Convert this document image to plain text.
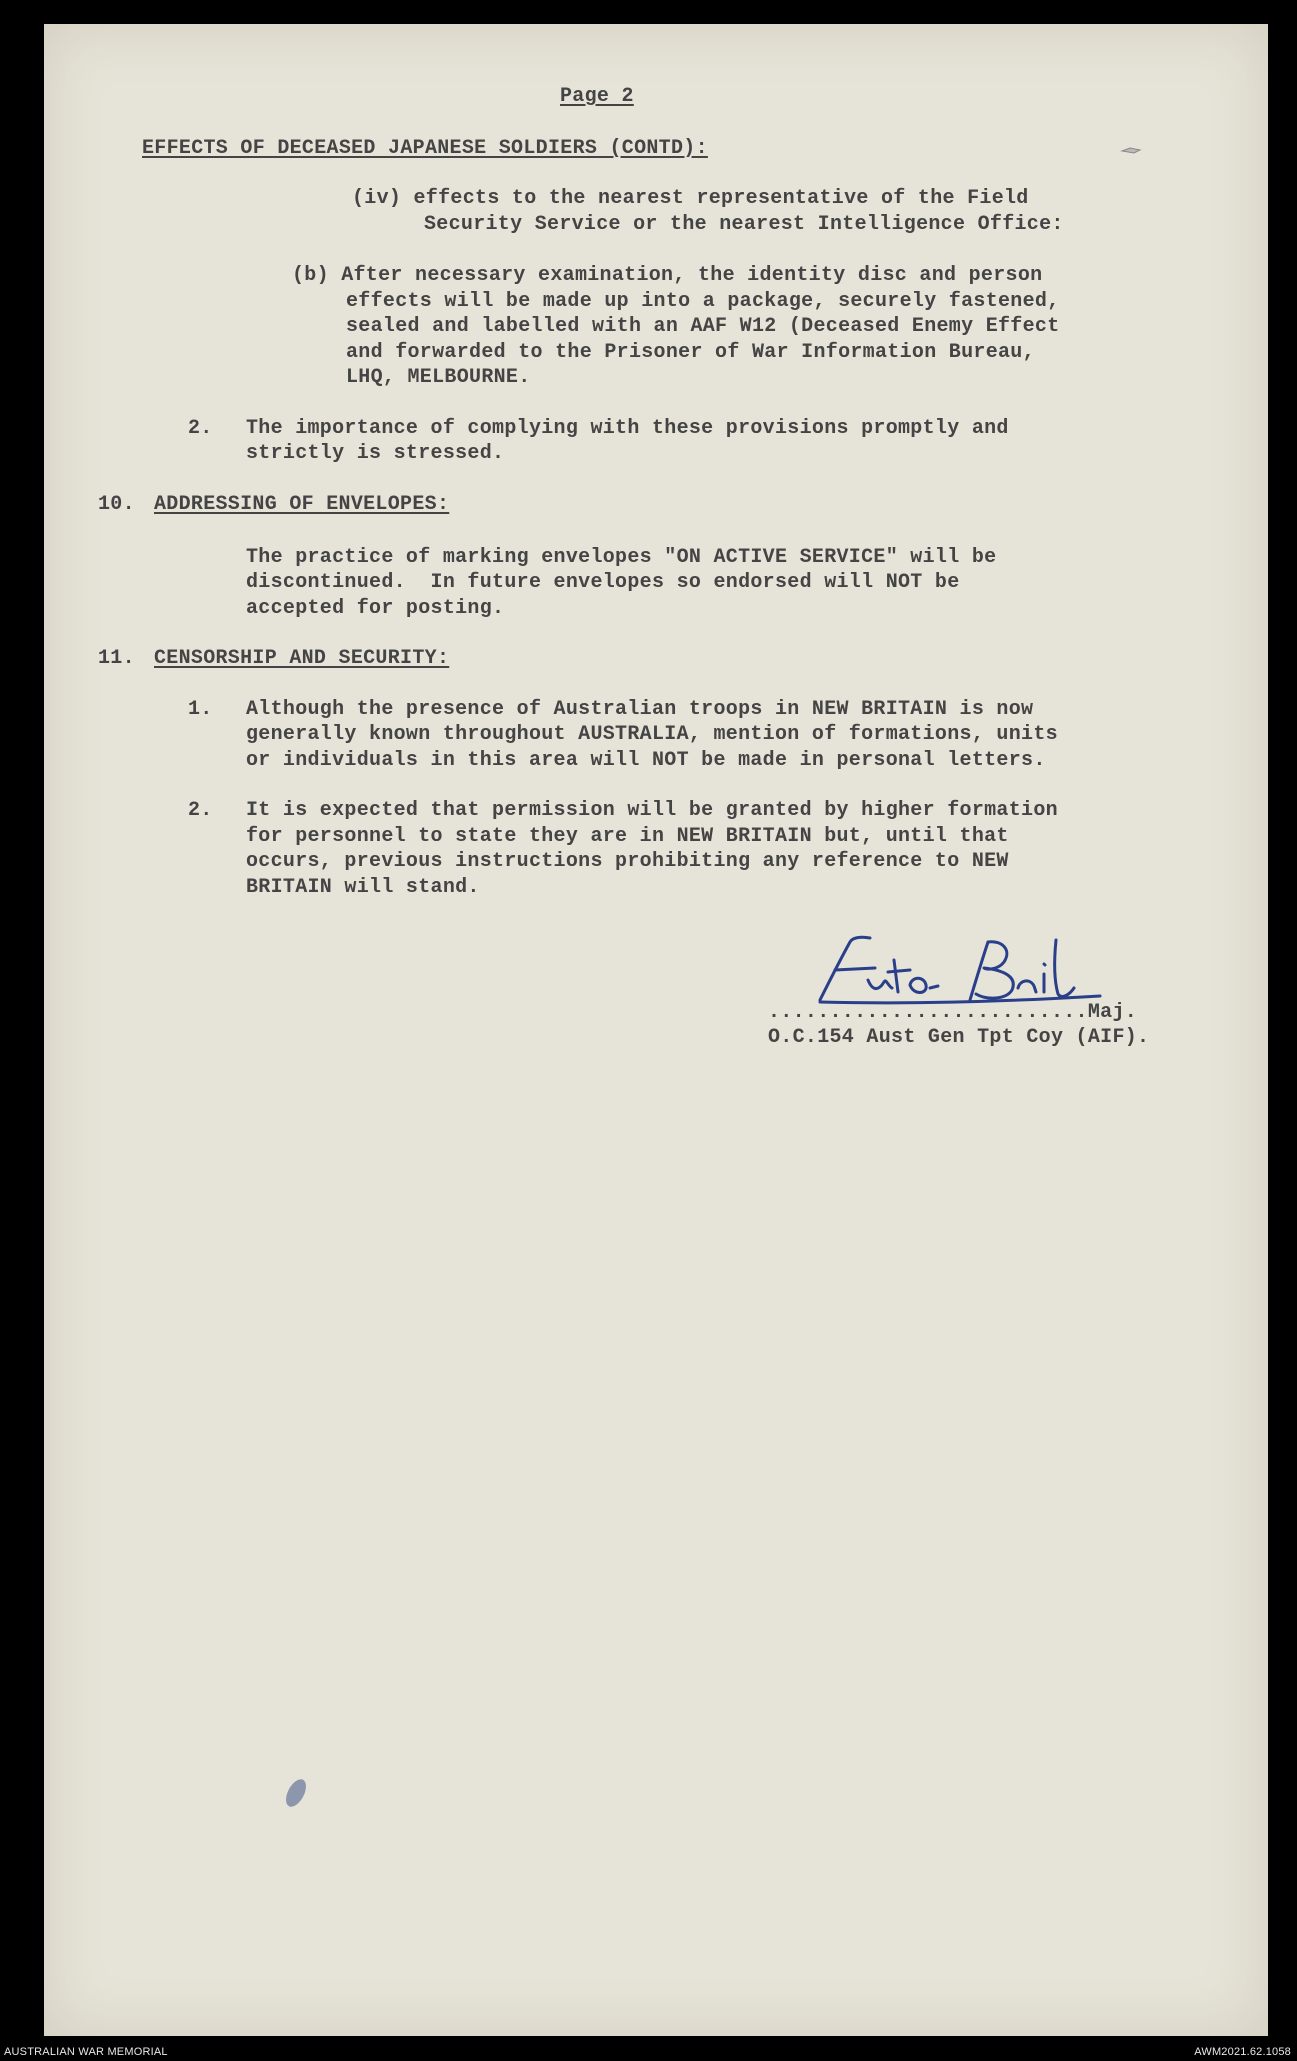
Page 2
EFFECTS OF DECEASED JAPANESE SOLDIERS (CONTD):
(iv) effects to the nearest representative of the Field
Security Service or the nearest Intelligence Office:
(b) After necessary examination, the identity disc and person
effects will be made up into a package, securely fastened,
sealed and labelled with an AAF W12 (Deceased Enemy Effect
and forwarded to the Prisoner of War Information Bureau,
LHQ, MELBOURNE.
2. The importance of complying with these provisions promptly and
strictly is stressed.
10. ADDRESSING OF ENVELOPES:
The practice of marking envelopes "ON ACTIVE SERVICE" will be
discontinued.  In future envelopes so endorsed will NOT be
accepted for posting.
11. CENSORSHIP AND SECURITY:
1. Although the presence of Australian troops in NEW BRITAIN is now
generally known throughout AUSTRALIA, mention of formations, units
or individuals in this area will NOT be made in personal letters.
2. It is expected that permission will be granted by higher formation
for personnel to state they are in NEW BRITAIN but, until that
occurs, previous instructions prohibiting any reference to NEW
BRITAIN will stand.
..........................Maj.
O.C.154 Aust Gen Tpt Coy (AIF).
AUSTRALIAN WAR MEMORIAL	AWM2021.62.1058
